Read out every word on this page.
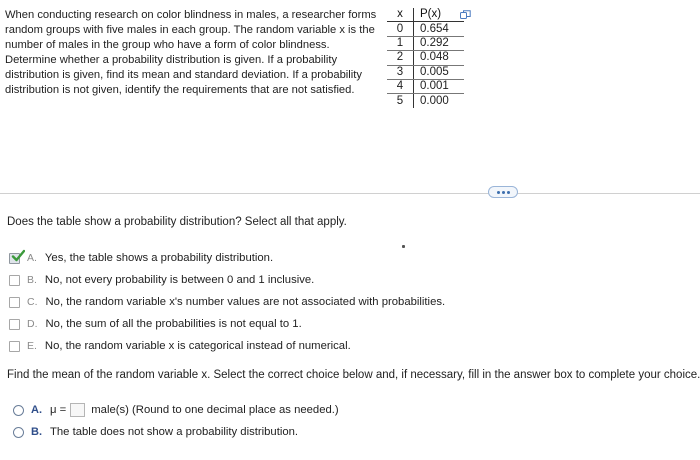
When conducting research on color blindness in males, a researcher forms random groups with five males in each group. The random variable x is the number of males in the group who have a form of color blindness. Determine whether a probability distribution is given. If a probability distribution is given, find its mean and standard deviation. If a probability distribution is not given, identify the requirements that are not satisfied.
x	P(x)
0	0.654
1	0.292
2	0.048
3	0.005
4	0.001
5	0.000
Does the table show a probability distribution? Select all that apply.
A. Yes, the table shows a probability distribution.
B. No, not every probability is between 0 and 1 inclusive.
C. No, the random variable x's number values are not associated with probabilities.
D. No, the sum of all the probabilities is not equal to 1.
E. No, the random variable x is categorical instead of numerical.
Find the mean of the random variable x. Select the correct choice below and, if necessary, fill in the answer box to complete your choice.
A. μ = male(s) (Round to one decimal place as needed.)
B. The table does not show a probability distribution.
